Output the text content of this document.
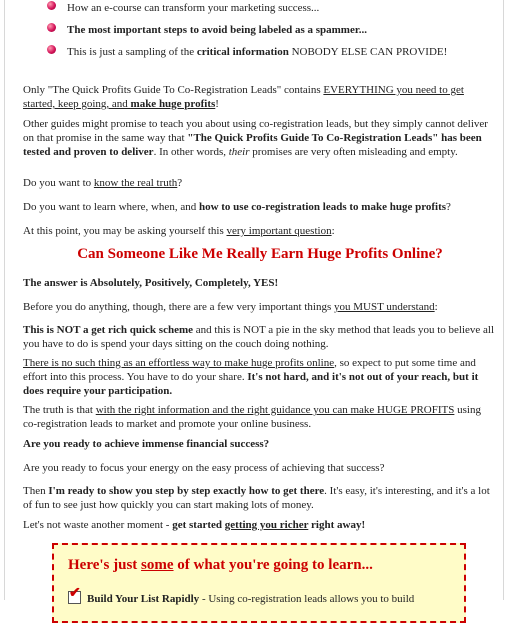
How an e-course can transform your marketing success...
The most important steps to avoid being labeled as a spammer...
This is just a sampling of the critical information NOBODY ELSE CAN PROVIDE!

Only "The Quick Profits Guide To Co-Registration Leads" contains EVERYTHING you need to get started, keep going, and make huge profits!

Other guides might promise to teach you about using co-registration leads, but they simply cannot deliver on that promise in the same way that "The Quick Profits Guide To Co-Registration Leads" has been tested and proven to deliver. In other words, their promises are very often misleading and empty.

Do you want to know the real truth?

Do you want to learn where, when, and how to use co-registration leads to make huge profits?

At this point, you may be asking yourself this very important question:

Can Someone Like Me Really Earn Huge Profits Online?

The answer is Absolutely, Positively, Completely, YES!

Before you do anything, though, there are a few very important things you MUST understand:

This is NOT a get rich quick scheme and this is NOT a pie in the sky method that leads you to believe all you have to do is spend your days sitting on the couch doing nothing.

There is no such thing as an effortless way to make huge profits online, so expect to put some time and effort into this process. You have to do your share. It's not hard, and it's not out of your reach, but it does require your participation.

The truth is that with the right information and the right guidance you can make HUGE PROFITS using co-registration leads to market and promote your online business.

Are you ready to achieve immense financial success?

Are you ready to focus your energy on the easy process of achieving that success?

Then I'm ready to show you step by step exactly how to get there. It's easy, it's interesting, and it's a lot of fun to see just how quickly you can start making lots of money.

Let's not waste another moment - get started getting you richer right away!

Here's just some of what you're going to learn...
✔ Build Your List Rapidly - Using co-registration leads allows you to build
